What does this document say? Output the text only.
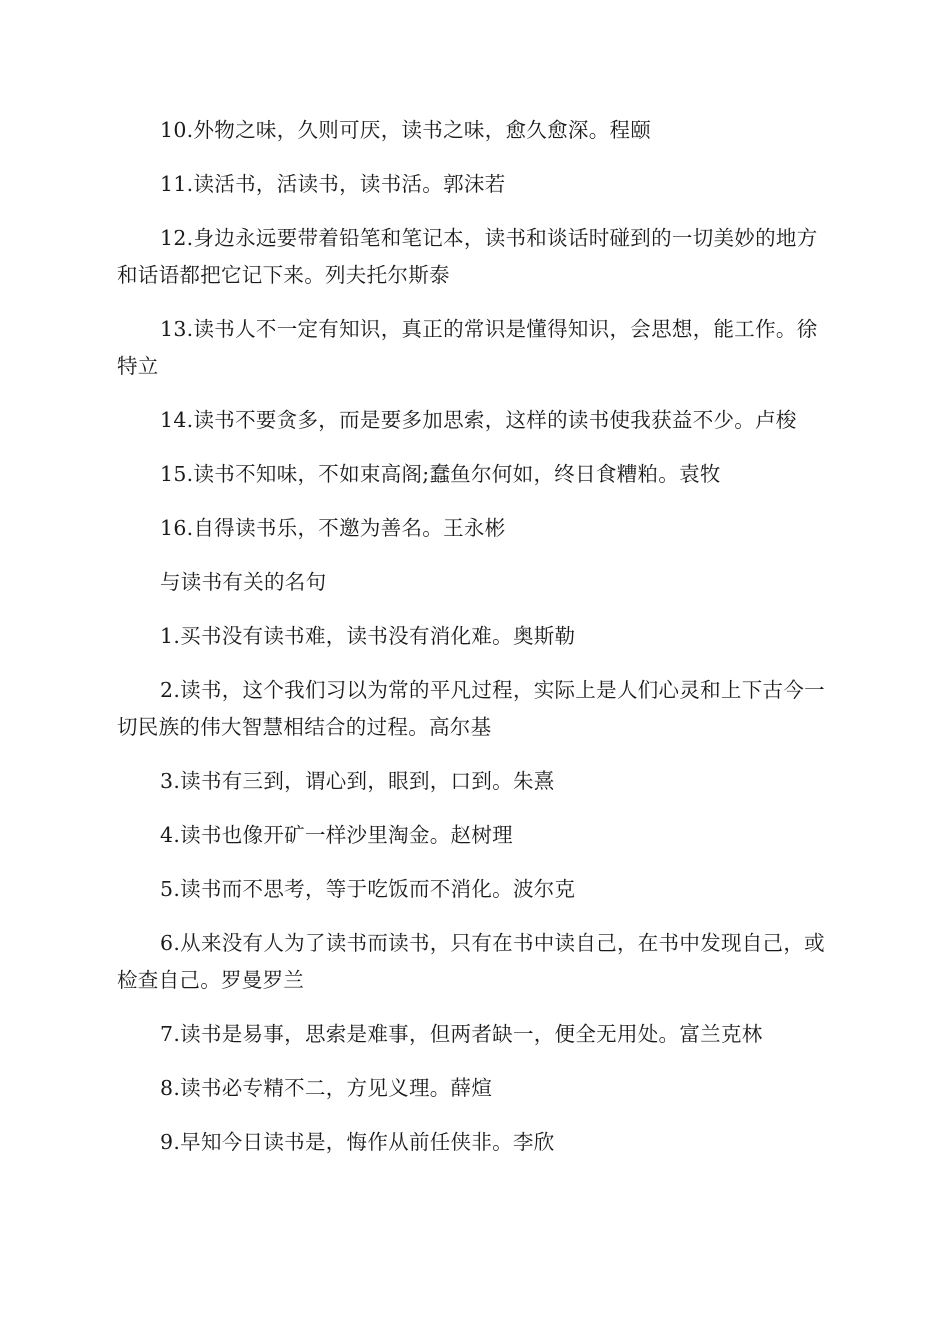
10.外物之味，久则可厌，读书之味，愈久愈深。程颐

11.读活书，活读书，读书活。郭沫若

12.身边永远要带着铅笔和笔记本，读书和谈话时碰到的一切美妙的地方和话语都把它记下来。列夫托尔斯泰

13.读书人不一定有知识，真正的常识是懂得知识，会思想，能工作。徐特立

14.读书不要贪多，而是要多加思索，这样的读书使我获益不少。卢梭

15.读书不知味，不如束高阁;蠢鱼尔何如，终日食糟粕。袁牧

16.自得读书乐，不邀为善名。王永彬

与读书有关的名句

1.买书没有读书难，读书没有消化难。奥斯勒

2.读书，这个我们习以为常的平凡过程，实际上是人们心灵和上下古今一切民族的伟大智慧相结合的过程。高尔基

3.读书有三到，谓心到，眼到，口到。朱熹

4.读书也像开矿一样沙里淘金。赵树理

5.读书而不思考，等于吃饭而不消化。波尔克

6.从来没有人为了读书而读书，只有在书中读自己，在书中发现自己，或检查自己。罗曼罗兰

7.读书是易事，思索是难事，但两者缺一，便全无用处。富兰克林

8.读书必专精不二，方见义理。薛煊

9.早知今日读书是，悔作从前任侠非。李欣
